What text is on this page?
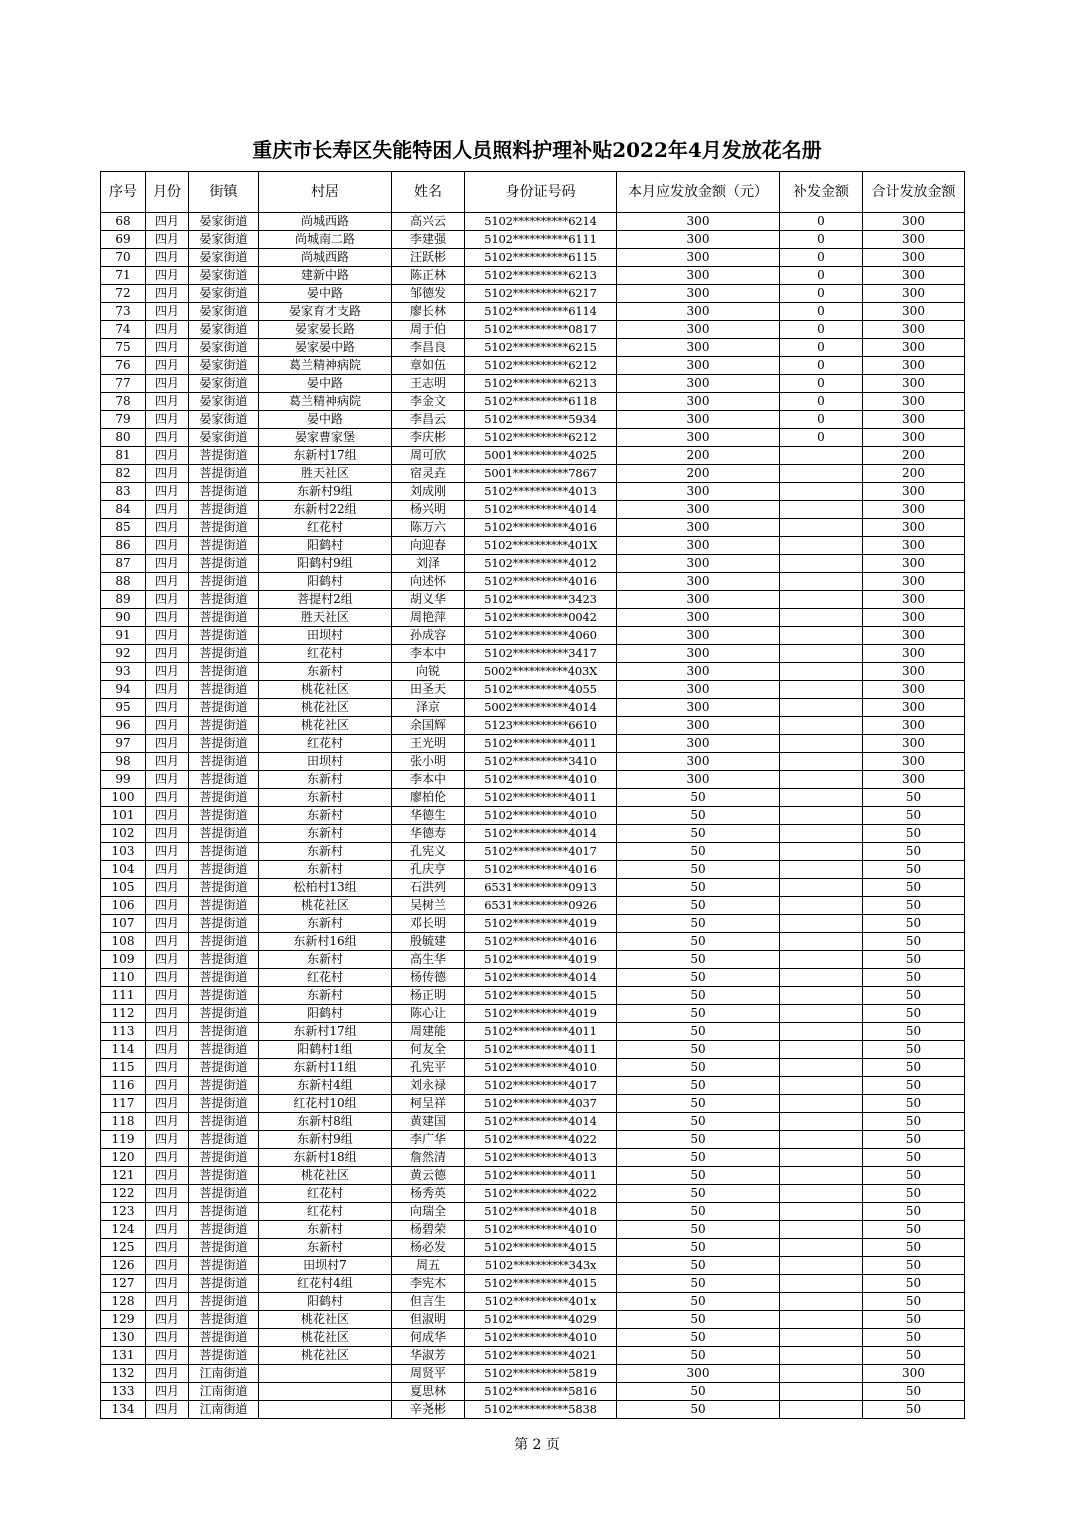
重庆市长寿区失能特困人员照料护理补贴2022年4月发放花名册
序号	月份	街镇	村居	姓名	身份证号码	本月应发放金额（元）	补发金额	合计发放金额
68	四月	晏家街道	尚城西路	高兴云	5102**********6214	300	0	300
69	四月	晏家街道	尚城南二路	李建强	5102**********6111	300	0	300
70	四月	晏家街道	尚城西路	汪跃彬	5102**********6115	300	0	300
71	四月	晏家街道	建新中路	陈正林	5102**********6213	300	0	300
72	四月	晏家街道	晏中路	邹德发	5102**********6217	300	0	300
73	四月	晏家街道	晏家育才支路	廖长林	5102**********6114	300	0	300
74	四月	晏家街道	晏家晏长路	周于伯	5102**********0817	300	0	300
75	四月	晏家街道	晏家晏中路	李昌良	5102**********6215	300	0	300
76	四月	晏家街道	葛兰精神病院	章如伍	5102**********6212	300	0	300
77	四月	晏家街道	晏中路	王志明	5102**********6213	300	0	300
78	四月	晏家街道	葛兰精神病院	李金文	5102**********6118	300	0	300
79	四月	晏家街道	晏中路	李昌云	5102**********5934	300	0	300
80	四月	晏家街道	晏家曹家堡	李庆彬	5102**********6212	300	0	300
81	四月	菩提街道	东新村17组	周可欣	5001**********4025	200		200
82	四月	菩提街道	胜天社区	宿灵垚	5001**********7867	200		200
83	四月	菩提街道	东新村9组	刘成刚	5102**********4013	300		300
84	四月	菩提街道	东新村22组	杨兴明	5102**********4014	300		300
85	四月	菩提街道	红花村	陈万六	5102**********4016	300		300
86	四月	菩提街道	阳鹤村	向迎春	5102**********401X	300		300
87	四月	菩提街道	阳鹤村9组	刘泽	5102**********4012	300		300
88	四月	菩提街道	阳鹤村	向述怀	5102**********4016	300		300
89	四月	菩提街道	菩提村2组	胡义华	5102**********3423	300		300
90	四月	菩提街道	胜天社区	周艳萍	5102**********0042	300		300
91	四月	菩提街道	田坝村	孙成容	5102**********4060	300		300
92	四月	菩提街道	红花村	李本中	5102**********3417	300		300
93	四月	菩提街道	东新村	向锐	5002**********403X	300		300
94	四月	菩提街道	桃花社区	田圣天	5102**********4055	300		300
95	四月	菩提街道	桃花社区	泽京	5002**********4014	300		300
96	四月	菩提街道	桃花社区	余国辉	5123**********6610	300		300
97	四月	菩提街道	红花村	王光明	5102**********4011	300		300
98	四月	菩提街道	田坝村	张小明	5102**********3410	300		300
99	四月	菩提街道	东新村	李本中	5102**********4010	300		300
100	四月	菩提街道	东新村	廖柏伦	5102**********4011	50		50
101	四月	菩提街道	东新村	华德生	5102**********4010	50		50
102	四月	菩提街道	东新村	华德寿	5102**********4014	50		50
103	四月	菩提街道	东新村	孔宪义	5102**********4017	50		50
104	四月	菩提街道	东新村	孔庆亨	5102**********4016	50		50
105	四月	菩提街道	松柏村13组	石洪列	6531**********0913	50		50
106	四月	菩提街道	桃花社区	吴树兰	6531**********0926	50		50
107	四月	菩提街道	东新村	邓长明	5102**********4019	50		50
108	四月	菩提街道	东新村16组	殷毓建	5102**********4016	50		50
109	四月	菩提街道	东新村	高生华	5102**********4019	50		50
110	四月	菩提街道	红花村	杨传德	5102**********4014	50		50
111	四月	菩提街道	东新村	杨正明	5102**********4015	50		50
112	四月	菩提街道	阳鹤村	陈心让	5102**********4019	50		50
113	四月	菩提街道	东新村17组	周建能	5102**********4011	50		50
114	四月	菩提街道	阳鹤村1组	何友全	5102**********4011	50		50
115	四月	菩提街道	东新村11组	孔宪平	5102**********4010	50		50
116	四月	菩提街道	东新村4组	刘永禄	5102**********4017	50		50
117	四月	菩提街道	红花村10组	柯呈祥	5102**********4037	50		50
118	四月	菩提街道	东新村8组	黄建国	5102**********4014	50		50
119	四月	菩提街道	东新村9组	李广华	5102**********4022	50		50
120	四月	菩提街道	东新村18组	詹然清	5102**********4013	50		50
121	四月	菩提街道	桃花社区	黄云德	5102**********4011	50		50
122	四月	菩提街道	红花村	杨秀英	5102**********4022	50		50
123	四月	菩提街道	红花村	向瑞全	5102**********4018	50		50
124	四月	菩提街道	东新村	杨碧荣	5102**********4010	50		50
125	四月	菩提街道	东新村	杨必发	5102**********4015	50		50
126	四月	菩提街道	田坝村7	周五	5102**********343x	50		50
127	四月	菩提街道	红花村4组	李宪木	5102**********4015	50		50
128	四月	菩提街道	阳鹤村	但言生	5102**********401x	50		50
129	四月	菩提街道	桃花社区	但淑明	5102**********4029	50		50
130	四月	菩提街道	桃花社区	何成华	5102**********4010	50		50
131	四月	菩提街道	桃花社区	华淑芳	5102**********4021	50		50
132	四月	江南街道		周贤平	5102**********5819	300		300
133	四月	江南街道		夏思林	5102**********5816	50		50
134	四月	江南街道		辛尧彬	5102**********5838	50		50
第 2 页
